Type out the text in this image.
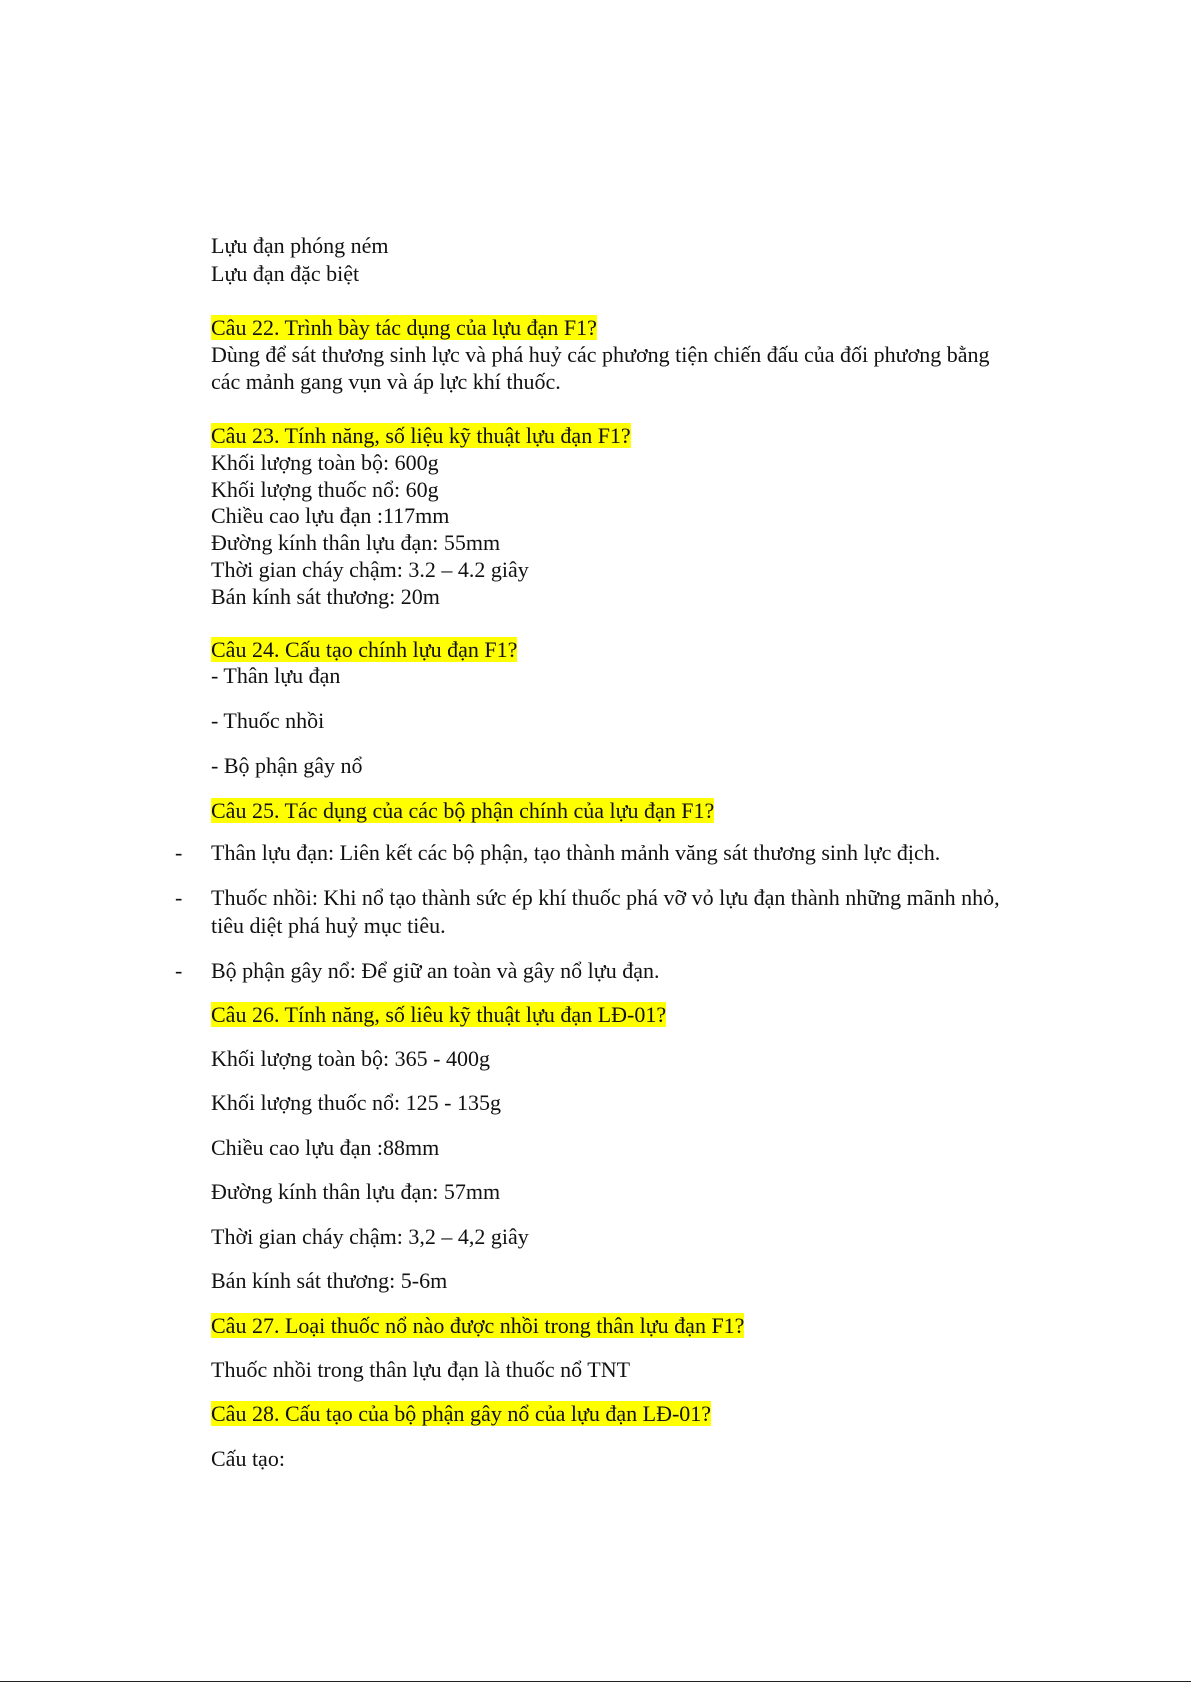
Lựu đạn phóng ném
Lựu đạn đặc biệt
Câu 22. Trình bày tác dụng của lựu đạn F1?
Dùng để sát thương sinh lực và phá huỷ các phương tiện chiến đấu của đối phương bằng
các mảnh gang vụn và áp lực khí thuốc.
Câu 23. Tính năng, số liệu kỹ thuật lựu đạn F1?
Khối lượng toàn bộ: 600g
Khối lượng thuốc nổ: 60g
Chiều cao lựu đạn :117mm
Đường kính thân lựu đạn: 55mm
Thời gian cháy chậm: 3.2 – 4.2 giây
Bán kính sát thương: 20m
Câu 24. Cấu tạo chính lựu đạn F1?
- Thân lựu đạn
- Thuốc nhồi
- Bộ phận gây nổ
Câu 25. Tác dụng của các bộ phận chính của lựu đạn F1?
- Thân lựu đạn: Liên kết các bộ phận, tạo thành mảnh văng sát thương sinh lực địch.
- Thuốc nhồi: Khi nổ tạo thành sức ép khí thuốc phá vỡ vỏ lựu đạn thành những mãnh nhỏ,
tiêu diệt phá huỷ mục tiêu.
- Bộ phận gây nổ: Để giữ an toàn và gây nổ lựu đạn.
Câu 26. Tính năng, số liêu kỹ thuật lựu đạn LĐ-01?
Khối lượng toàn bộ: 365 - 400g
Khối lượng thuốc nổ: 125 - 135g
Chiều cao lựu đạn :88mm
Đường kính thân lựu đạn: 57mm
Thời gian cháy chậm: 3,2 – 4,2 giây
Bán kính sát thương: 5-6m
Câu 27. Loại thuốc nổ nào được nhồi trong thân lựu đạn F1?
Thuốc nhồi trong thân lựu đạn là thuốc nổ TNT
Câu 28. Cấu tạo của bộ phận gây nổ của lựu đạn LĐ-01?
Cấu tạo:
